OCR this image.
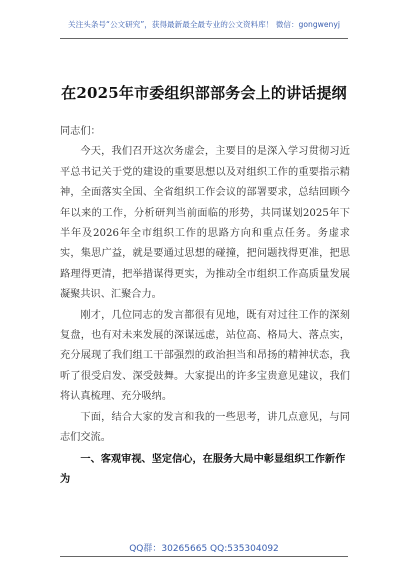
关注头条号“公文研究”，获得最新最全最专业的公文资料库！ 微信：gongwenyj
在2025年市委组织部部务会上的讲话提纲

同志们：

今天，我们召开这次务虚会，主要目的是深入学习贯彻习近平总书记关于党的建设的重要思想以及对组织工作的重要指示精神，全面落实全国、全省组织工作会议的部署要求，总结回顾今年以来的工作，分析研判当前面临的形势，共同谋划2025年下半年及2026年全市组织工作的思路方向和重点任务。务虚求实，集思广益，就是要通过思想的碰撞，把问题找得更准，把思路理得更清，把举措谋得更实，为推动全市组织工作高质量发展凝聚共识、汇聚合力。

刚才，几位同志的发言都很有见地，既有对过往工作的深刻复盘，也有对未来发展的深谋远虑，站位高、格局大、落点实，充分展现了我们组工干部强烈的政治担当和昂扬的精神状态，我听了很受启发、深受鼓舞。大家提出的许多宝贵意见建议，我们将认真梳理、充分吸纳。

下面，结合大家的发言和我的一些思考，讲几点意见，与同志们交流。

一、客观审视、坚定信心，在服务大局中彰显组织工作新作为

QQ群：30265665 QQ:535304092
